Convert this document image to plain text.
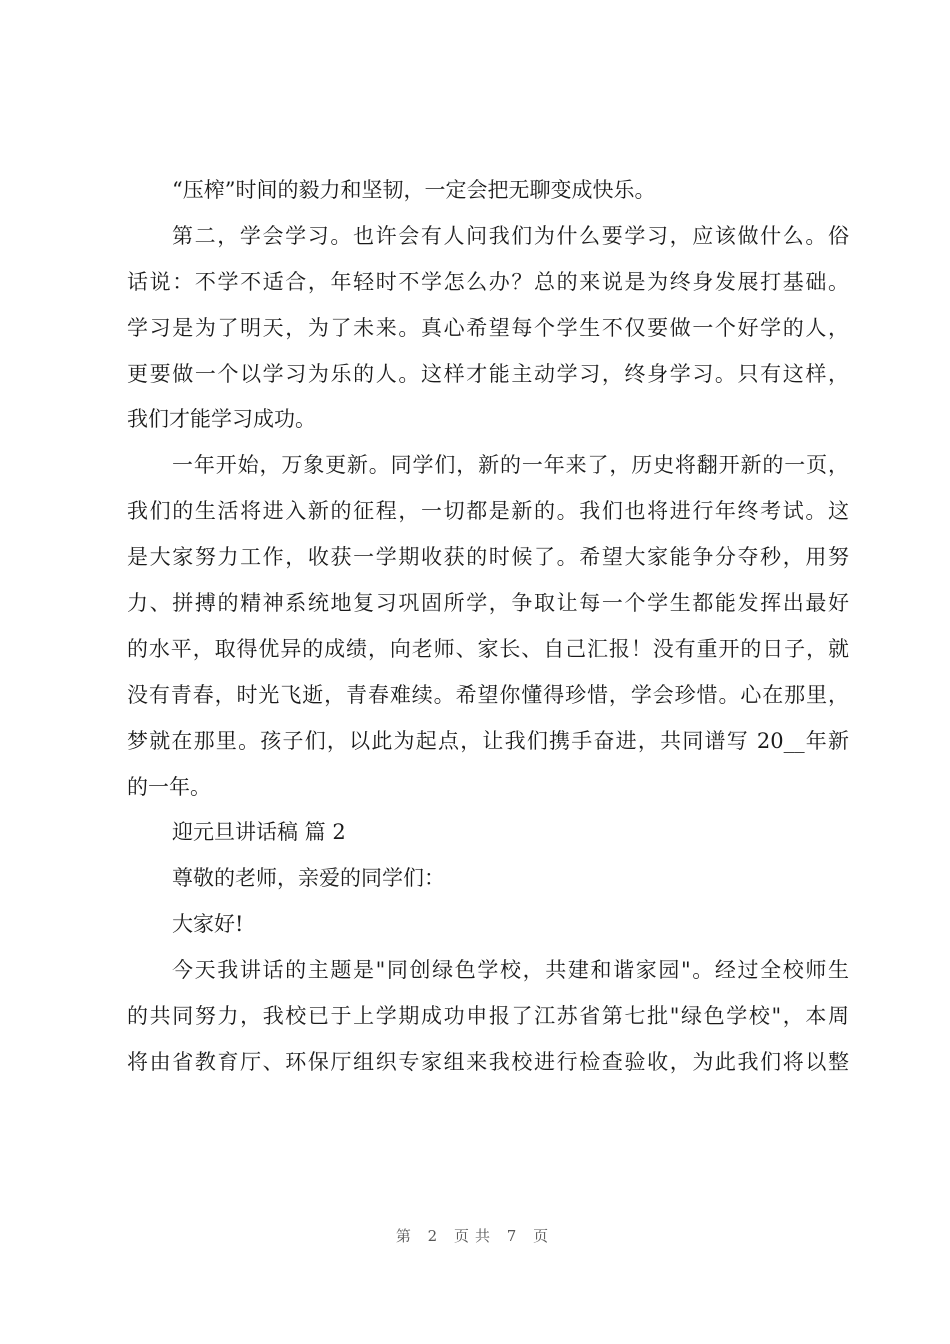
“压榨”时间的毅力和坚韧，一定会把无聊变成快乐。
第二，学会学习。也许会有人问我们为什么要学习，应该做什么。俗
话说：不学不适合，年轻时不学怎么办？总的来说是为终身发展打基础。
学习是为了明天，为了未来。真心希望每个学生不仅要做一个好学的人，
更要做一个以学习为乐的人。这样才能主动学习，终身学习。只有这样，
我们才能学习成功。
一年开始，万象更新。同学们，新的一年来了，历史将翻开新的一页，
我们的生活将进入新的征程，一切都是新的。我们也将进行年终考试。这
是大家努力工作，收获一学期收获的时候了。希望大家能争分夺秒，用努
力、拼搏的精神系统地复习巩固所学，争取让每一个学生都能发挥出最好
的水平，取得优异的成绩，向老师、家长、自己汇报！没有重开的日子，就
没有青春，时光飞逝，青春难续。希望你懂得珍惜，学会珍惜。心在那里，
梦就在那里。孩子们，以此为起点，让我们携手奋进，共同谱写 20__年新
的一年。
迎元旦讲话稿 篇 2
尊敬的老师，亲爱的同学们：
大家好!
今天我讲话的主题是"同创绿色学校，共建和谐家园"。经过全校师生
的共同努力，我校已于上学期成功申报了江苏省第七批"绿色学校"，本周
将由省教育厅、环保厅组织专家组来我校进行检查验收，为此我们将以整
第 2 页共 7 页
